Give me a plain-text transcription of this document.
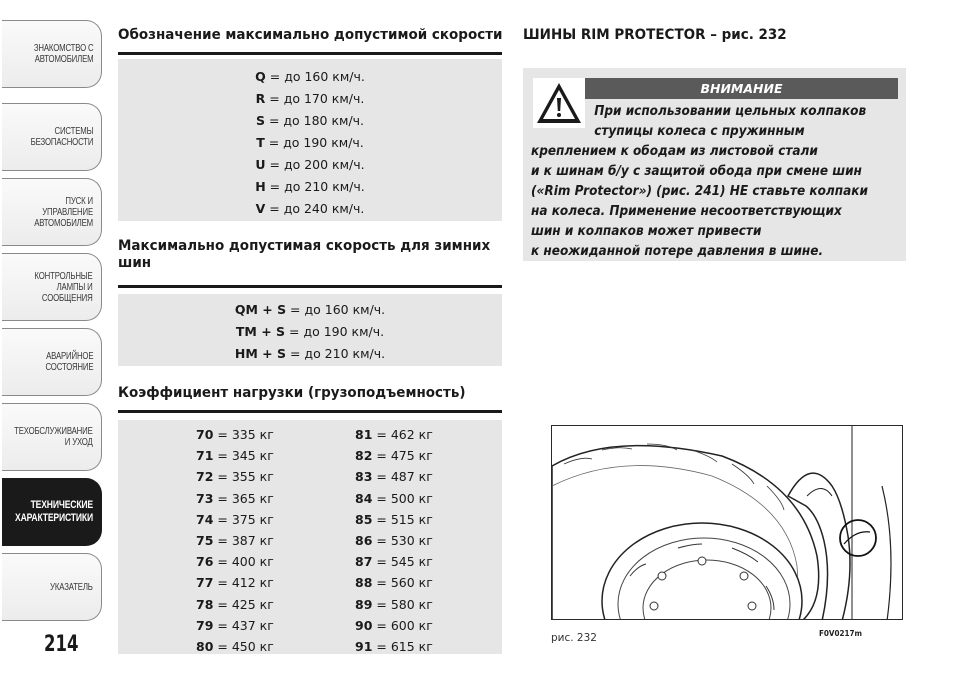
ЗНАКОМСТВО С
АВТОМОБИЛЕМ
СИСТЕМЫ
БЕЗОПАСНОСТИ
ПУСК И УПРАВЛЕНИЕ
АВТОМОБИЛЕМ
КОНТРОЛЬНЫЕ
ЛАМПЫ И
СООБЩЕНИЯ
АВАРИЙНОЕ
СОСТОЯНИЕ
ТЕХОБСЛУЖИВАНИЕ
И УХОД
ТЕХНИЧЕСКИЕ
ХАРАКТЕРИСТИКИ
УКАЗАТЕЛЬ
214
Обозначение максимально допустимой скорости
Q = до 160 км/ч.
R = до 170 км/ч.
S = до 180 км/ч.
T = до 190 км/ч.
U = до 200 км/ч.
H = до 210 км/ч.
V = до 240 км/ч.
Максимально допустимая скорость для зимних
шин
QM + S = до 160 км/ч.
TM + S = до 190 км/ч.
HM + S = до 210 км/ч.
Коэффициент нагрузки (грузоподъемность)
70 = 335 кг
71 = 345 кг
72 = 355 кг
73 = 365 кг
74 = 375 кг
75 = 387 кг
76 = 400 кг
77 = 412 кг
78 = 425 кг
79 = 437 кг
80 = 450 кг
81 = 462 кг
82 = 475 кг
83 = 487 кг
84 = 500 кг
85 = 515 кг
86 = 530 кг
87 = 545 кг
88 = 560 кг
89 = 580 кг
90 = 600 кг
91 = 615 кг
ШИНЫ RIM PROTECTOR – рис. 232
ВНИМАНИЕ
При использовании цельных колпаков
ступицы колеса с пружинным
креплением к ободам из листовой стали
и к шинам б/у с защитой обода при смене шин
(«Rim Protector») (рис. 241) НЕ ставьте колпаки
на колеса. Применение несоответствующих
шин и колпаков может привести
к неожиданной потере давления в шине.
рис. 232	F0V0217m
